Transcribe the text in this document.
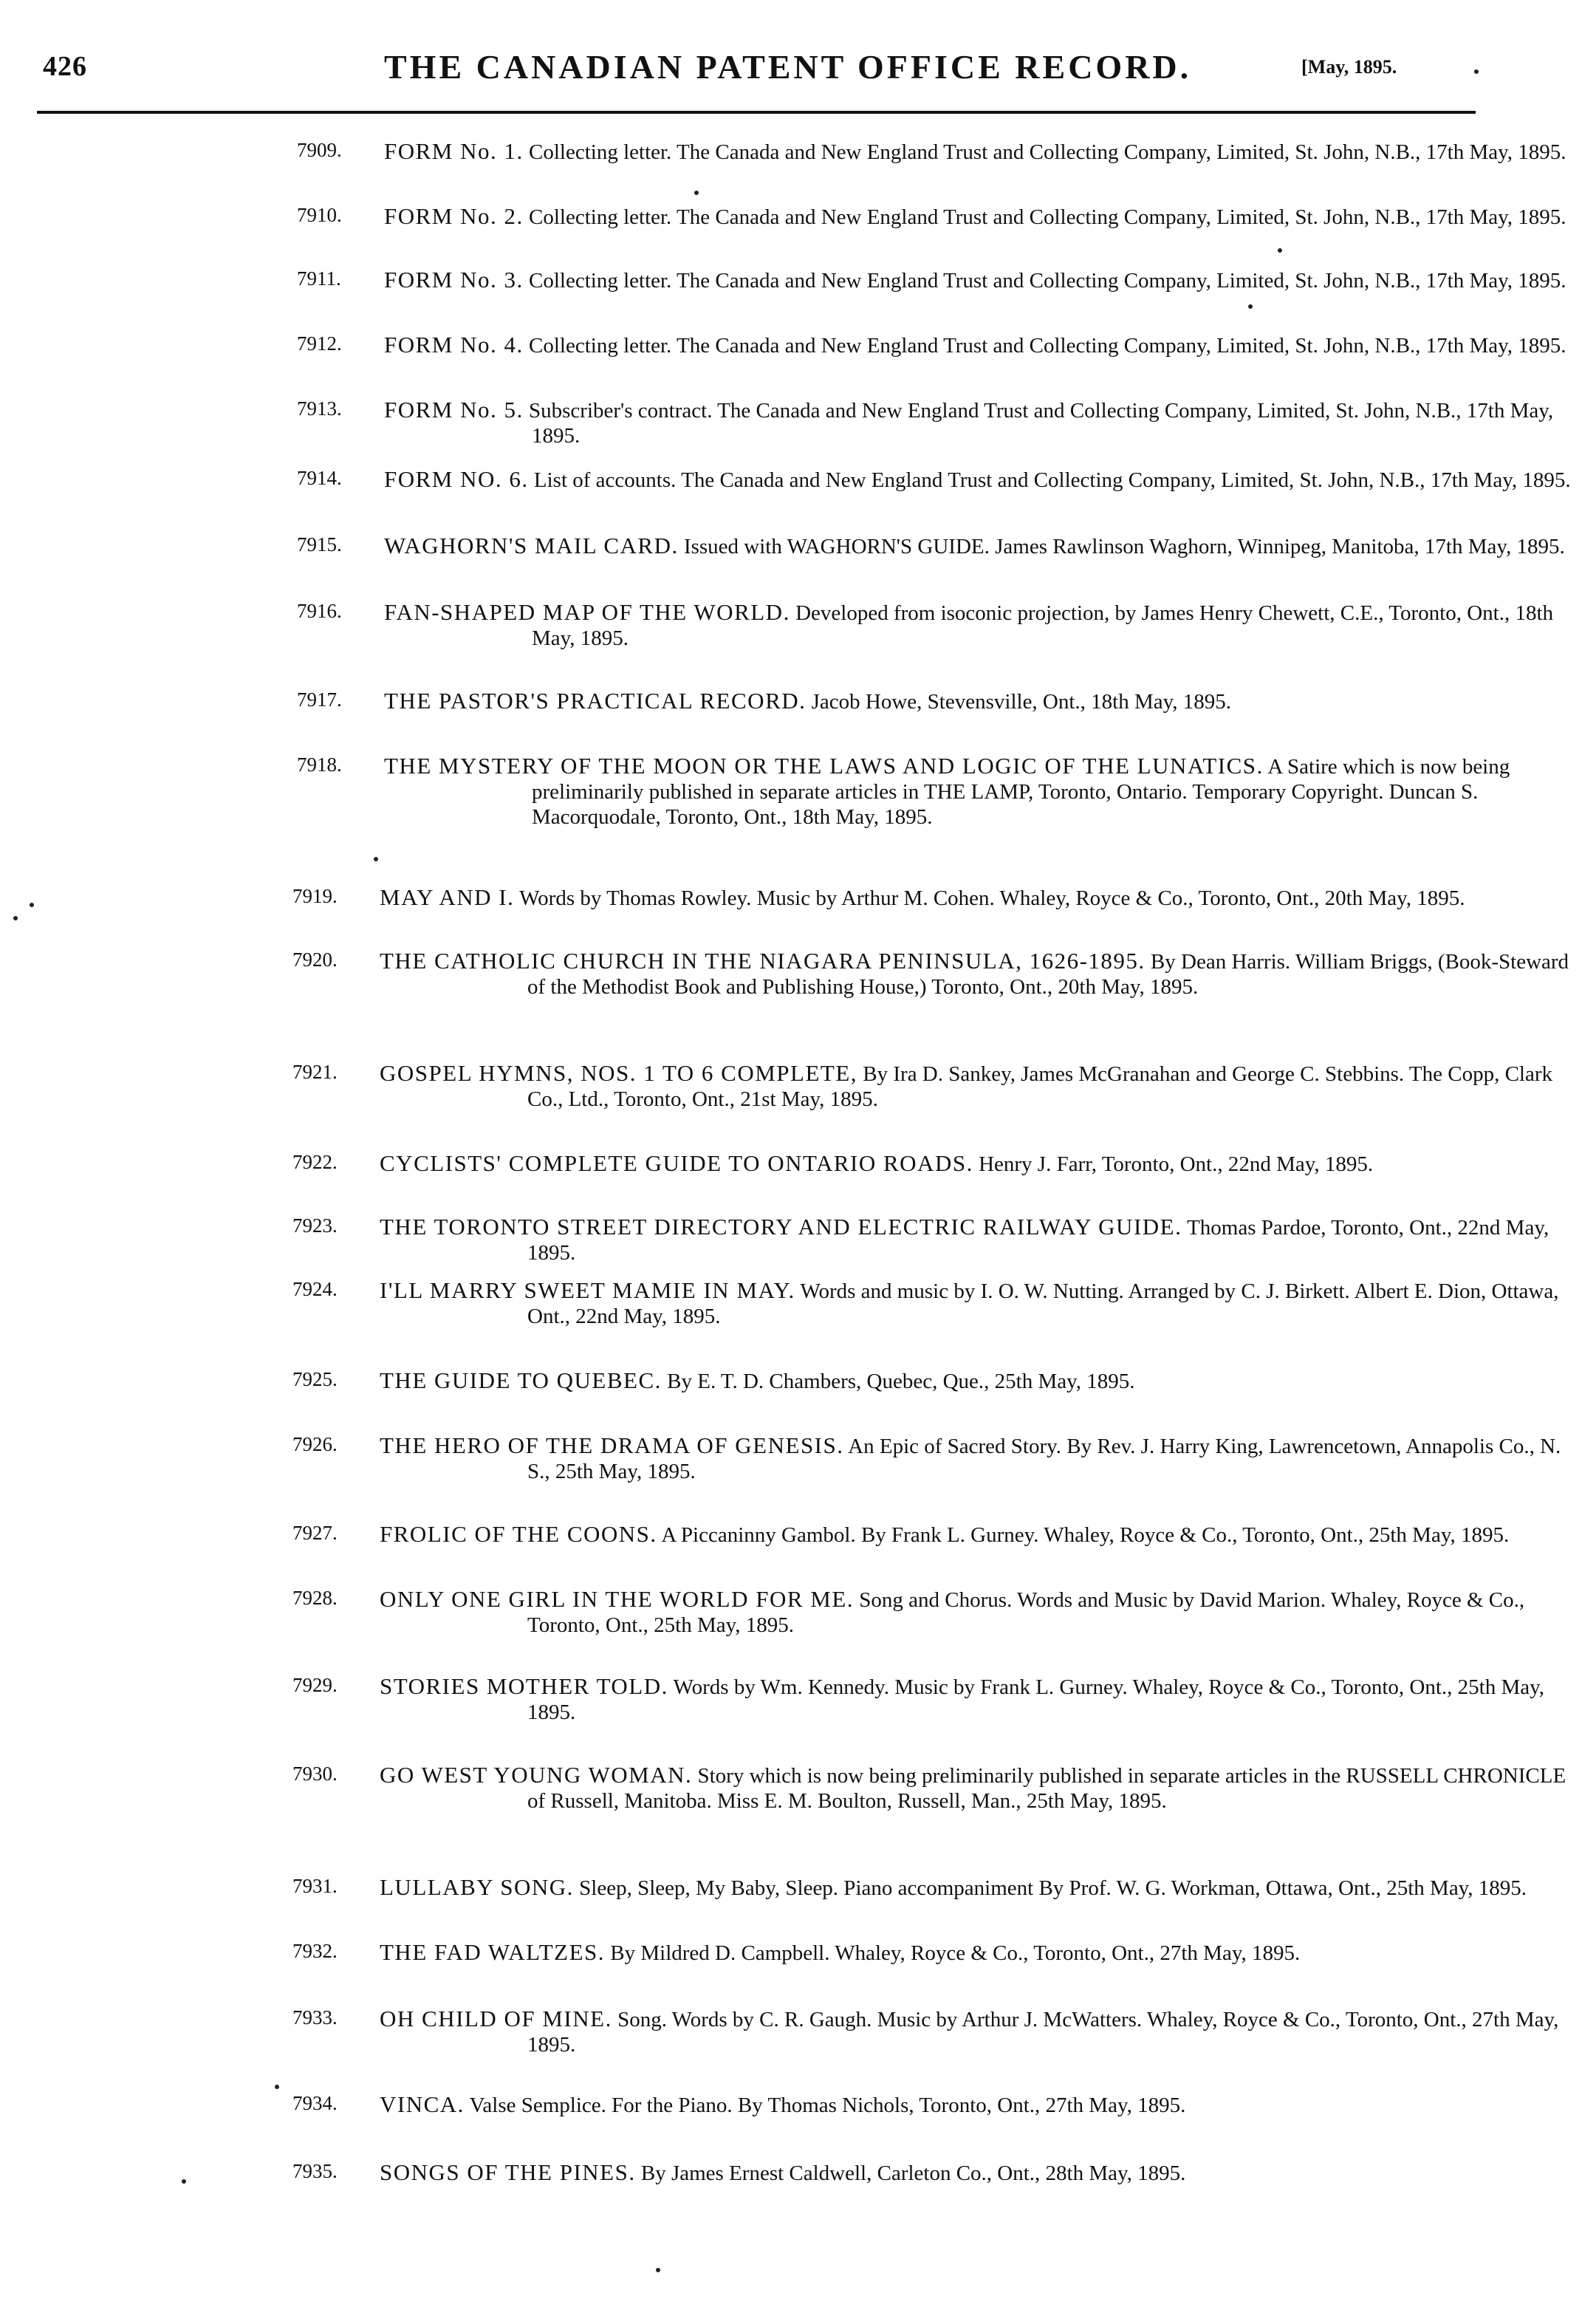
426	THE CANADIAN PATENT OFFICE RECORD.	[May, 1895.
7909.	FORM No. 1. Collecting letter. The Canada and New England Trust and Collecting Company, Limited, St. John, N.B., 17th May, 1895.
7910.	FORM No. 2. Collecting letter. The Canada and New England Trust and Collecting Company, Limited, St. John, N.B., 17th May, 1895.
7911.	FORM No. 3. Collecting letter. The Canada and New England Trust and Collecting Company, Limited, St. John, N.B., 17th May, 1895.
7912.	FORM No. 4. Collecting letter. The Canada and New England Trust and Collecting Company, Limited, St. John, N.B., 17th May, 1895.
7913.	FORM No. 5. Subscriber's contract. The Canada and New England Trust and Collecting Company, Limited, St. John, N.B., 17th May, 1895.
7914.	FORM NO. 6. List of accounts. The Canada and New England Trust and Collecting Company, Limited, St. John, N.B., 17th May, 1895.
7915.	WAGHORN'S MAIL CARD. Issued with WAGHORN'S GUIDE. James Rawlinson Waghorn, Winnipeg, Manitoba, 17th May, 1895.
7916.	FAN-SHAPED MAP OF THE WORLD. Developed from isoconic projection, by James Henry Chewett, C.E., Toronto, Ont., 18th May, 1895.
7917.	THE PASTOR'S PRACTICAL RECORD. Jacob Howe, Stevensville, Ont., 18th May, 1895.
7918.	THE MYSTERY OF THE MOON OR THE LAWS AND LOGIC OF THE LUNATICS. A Satire which is now being preliminarily published in separate articles in THE LAMP, Toronto, Ontario. Temporary Copyright. Duncan S. Macorquodale, Toronto, Ont., 18th May, 1895.
7919.	MAY AND I. Words by Thomas Rowley. Music by Arthur M. Cohen. Whaley, Royce & Co., Toronto, Ont., 20th May, 1895.
7920.	THE CATHOLIC CHURCH IN THE NIAGARA PENINSULA, 1626-1895. By Dean Harris. William Briggs, (Book-Steward of the Methodist Book and Publishing House,) Toronto, Ont., 20th May, 1895.
7921.	GOSPEL HYMNS, NOS. 1 TO 6 COMPLETE, By Ira D. Sankey, James McGranahan and George C. Stebbins. The Copp, Clark Co., Ltd., Toronto, Ont., 21st May, 1895.
7922.	CYCLISTS' COMPLETE GUIDE TO ONTARIO ROADS. Henry J. Farr, Toronto, Ont., 22nd May, 1895.
7923.	THE TORONTO STREET DIRECTORY AND ELECTRIC RAILWAY GUIDE. Thomas Pardoe, Toronto, Ont., 22nd May, 1895.
7924.	I'LL MARRY SWEET MAMIE IN MAY. Words and music by I. O. W. Nutting. Arranged by C. J. Birkett. Albert E. Dion, Ottawa, Ont., 22nd May, 1895.
7925.	THE GUIDE TO QUEBEC. By E. T. D. Chambers, Quebec, Que., 25th May, 1895.
7926.	THE HERO OF THE DRAMA OF GENESIS. An Epic of Sacred Story. By Rev. J. Harry King, Lawrencetown, Annapolis Co., N. S., 25th May, 1895.
7927.	FROLIC OF THE COONS. A Piccaninny Gambol. By Frank L. Gurney. Whaley, Royce & Co., Toronto, Ont., 25th May, 1895.
7928.	ONLY ONE GIRL IN THE WORLD FOR ME. Song and Chorus. Words and Music by David Marion. Whaley, Royce & Co., Toronto, Ont., 25th May, 1895.
7929.	STORIES MOTHER TOLD. Words by Wm. Kennedy. Music by Frank L. Gurney. Whaley, Royce & Co., Toronto, Ont., 25th May, 1895.
7930.	GO WEST YOUNG WOMAN. Story which is now being preliminarily published in separate articles in the RUSSELL CHRONICLE of Russell, Manitoba. Miss E. M. Boulton, Russell, Man., 25th May, 1895.
7931.	LULLABY SONG. Sleep, Sleep, My Baby, Sleep. Piano accompaniment By Prof. W. G. Workman, Ottawa, Ont., 25th May, 1895.
7932.	THE FAD WALTZES. By Mildred D. Campbell. Whaley, Royce & Co., Toronto, Ont., 27th May, 1895.
7933.	OH CHILD OF MINE. Song. Words by C. R. Gaugh. Music by Arthur J. McWatters. Whaley, Royce & Co., Toronto, Ont., 27th May, 1895.
7934.	VINCA. Valse Semplice. For the Piano. By Thomas Nichols, Toronto, Ont., 27th May, 1895.
7935.	SONGS OF THE PINES. By James Ernest Caldwell, Carleton Co., Ont., 28th May, 1895.
